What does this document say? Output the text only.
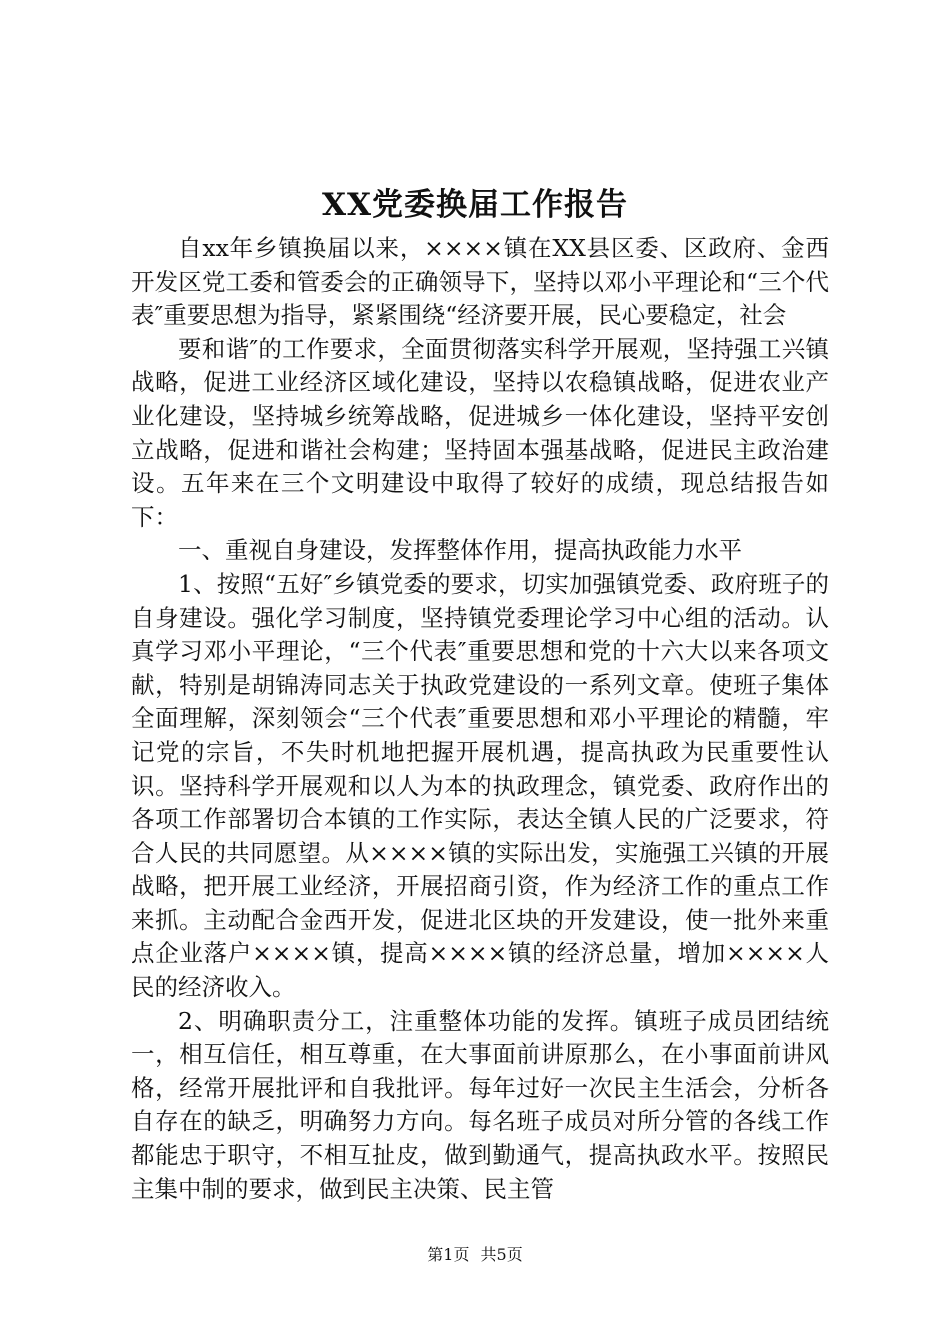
XX党委换届工作报告

自xx年乡镇换届以来，××××镇在XX县区委、区政府、金西开发区党工委和管委会的正确领导下，坚持以邓小平理论和“三个代表″重要思想为指导，紧紧围绕“经济要开展，民心要稳定，社会

要和谐″的工作要求，全面贯彻落实科学开展观，坚持强工兴镇战略，促进工业经济区域化建设，坚持以农稳镇战略，促进农业产业化建设，坚持城乡统筹战略，促进城乡一体化建设，坚持平安创立战略，促进和谐社会构建；坚持固本强基战略，促进民主政治建设。五年来在三个文明建设中取得了较好的成绩，现总结报告如下：

一、重视自身建设，发挥整体作用，提高执政能力水平

1、按照“五好″乡镇党委的要求，切实加强镇党委、政府班子的自身建设。强化学习制度，坚持镇党委理论学习中心组的活动。认真学习邓小平理论，“三个代表″重要思想和党的十六大以来各项文献，特别是胡锦涛同志关于执政党建设的一系列文章。使班子集体全面理解，深刻领会“三个代表″重要思想和邓小平理论的精髓，牢记党的宗旨，不失时机地把握开展机遇，提高执政为民重要性认识。坚持科学开展观和以人为本的执政理念，镇党委、政府作出的各项工作部署切合本镇的工作实际，表达全镇人民的广泛要求，符合人民的共同愿望。从××××镇的实际出发，实施强工兴镇的开展战略，把开展工业经济，开展招商引资，作为经济工作的重点工作来抓。主动配合金西开发，促进北区块的开发建设，使一批外来重点企业落户××××镇，提高××××镇的经济总量，增加××××人民的经济收入。

2、明确职责分工，注重整体功能的发挥。镇班子成员团结统一，相互信任，相互尊重，在大事面前讲原那么，在小事面前讲风格，经常开展批评和自我批评。每年过好一次民主生活会，分析各自存在的缺乏，明确努力方向。每名班子成员对所分管的各线工作都能忠于职守，不相互扯皮，做到勤通气，提高执政水平。按照民主集中制的要求，做到民主决策、民主管

第1页 共5页
